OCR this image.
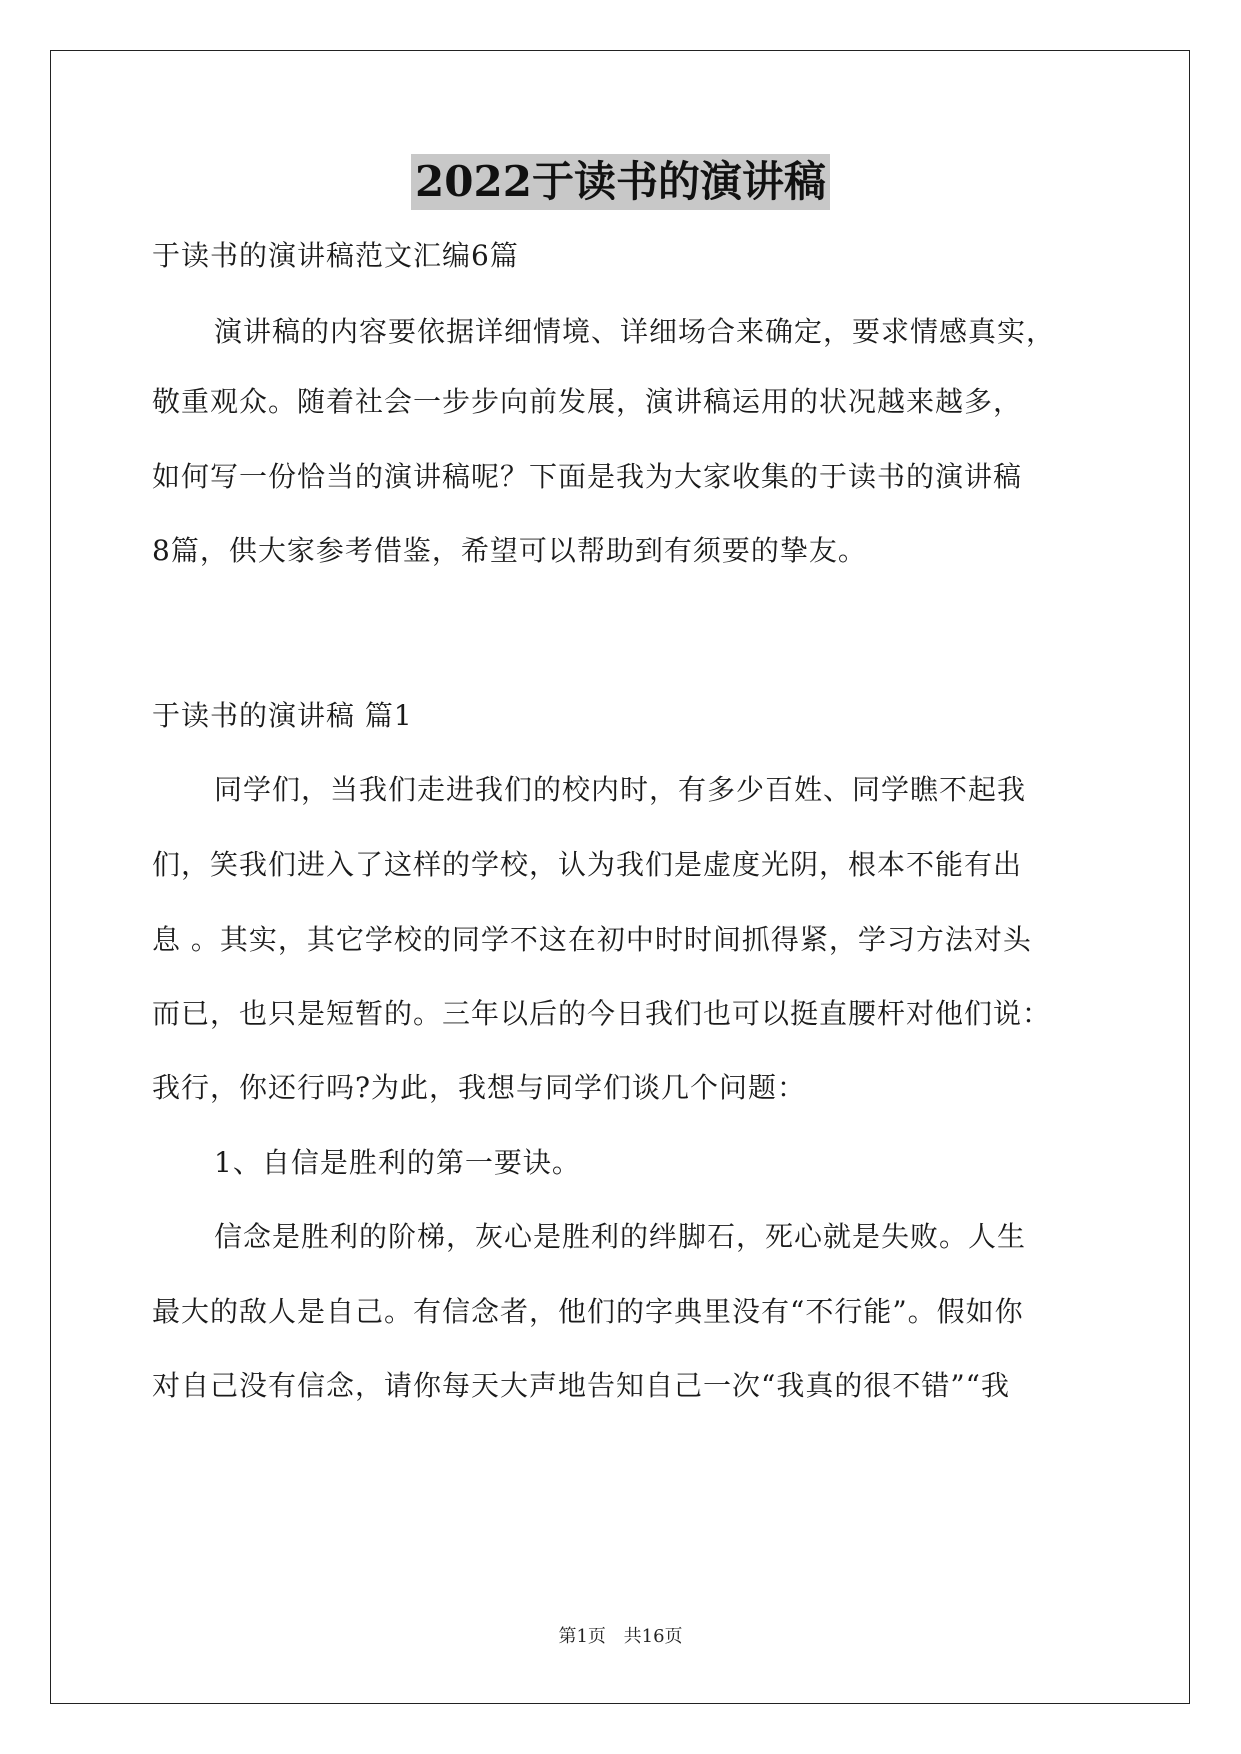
2022于读书的演讲稿
于读书的演讲稿范文汇编6篇
演讲稿的内容要依据详细情境、详细场合来确定，要求情感真实，
敬重观众。随着社会一步步向前发展，演讲稿运用的状况越来越多，
如何写一份恰当的演讲稿呢？下面是我为大家收集的于读书的演讲稿
8篇，供大家参考借鉴，希望可以帮助到有须要的挚友。
于读书的演讲稿 篇1
同学们，当我们走进我们的校内时，有多少百姓、同学瞧不起我
们，笑我们进入了这样的学校，认为我们是虚度光阴，根本不能有出
息 。其实，其它学校的同学不这在初中时时间抓得紧，学习方法对头
而已，也只是短暂的。三年以后的今日我们也可以挺直腰杆对他们说：
我行，你还行吗?为此，我想与同学们谈几个问题：
1、自信是胜利的第一要诀。
信念是胜利的阶梯，灰心是胜利的绊脚石，死心就是失败。人生
最大的敌人是自己。有信念者，他们的字典里没有“不行能”。假如你
对自己没有信念，请你每天大声地告知自己一次“我真的很不错”“我
第1页 共16页
